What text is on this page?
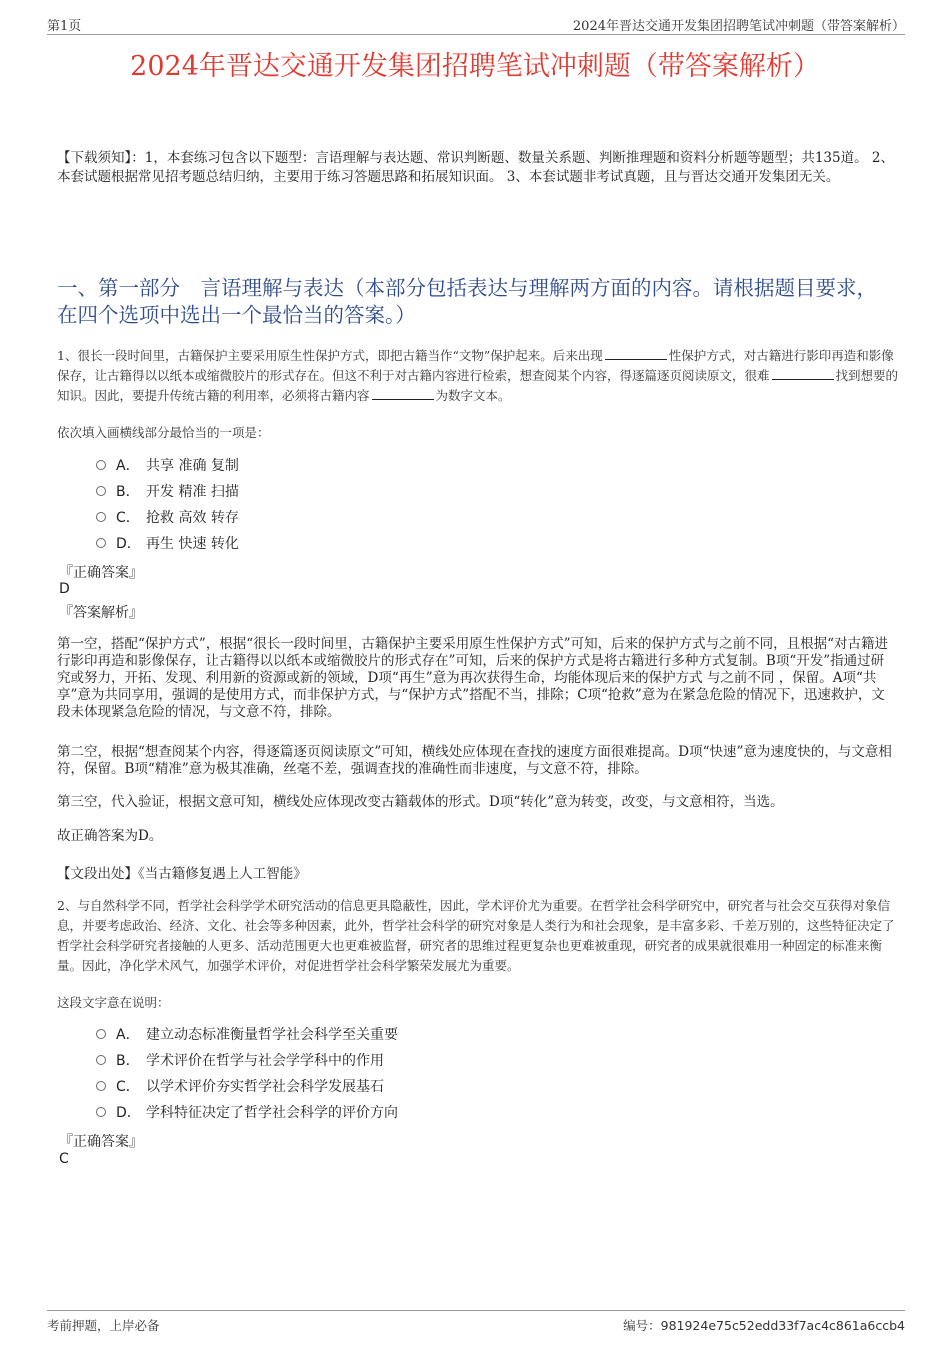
第1页	2024年晋达交通开发集团招聘笔试冲刺题（带答案解析）
2024年晋达交通开发集团招聘笔试冲刺题（带答案解析）
【下载须知】：1，本套练习包含以下题型：言语理解与表达题、常识判断题、数量关系题、判断推理题和资料分析题等题型；共135道。 2、本套试题根据常见招考题总结归纳，主要用于练习答题思路和拓展知识面。 3、本套试题非考试真题，且与晋达交通开发集团无关。
一、第一部分　言语理解与表达（本部分包括表达与理解两方面的内容。请根据题目要求，在四个选项中选出一个最恰当的答案。）
1、很长一段时间里，古籍保护主要采用原生性保护方式，即把古籍当作“文物”保护起来。后来出现	性保护方式，对古籍进行影印再造和影像保存，让古籍得以以纸本或缩微胶片的形式存在。但这不利于对古籍内容进行检索，想查阅某个内容，得逐篇逐页阅读原文，很难	找到想要的知识。因此，要提升传统古籍的利用率，必须将古籍内容	为数字文本。
依次填入画横线部分最恰当的一项是：
A． 共享 准确 复制
B． 开发 精准 扫描
C． 抢救 高效 转存
D． 再生 快速 转化
『正确答案』
D
『答案解析』
第一空，搭配“保护方式”，根据“很长一段时间里，古籍保护主要采用原生性保护方式”可知，后来的保护方式与之前不同，且根据“对古籍进行影印再造和影像保存，让古籍得以以纸本或缩微胶片的形式存在”可知，后来的保护方式是将古籍进行多种方式复制。B项“开发”指通过研究或努力，开拓、发现、利用新的资源或新的领域，D项“再生”意为再次获得生命，均能体现后来的保护方式 与之前不同 ，保留。A项“共享”意为共同享用，强调的是使用方式，而非保护方式，与“保护方式”搭配不当，排除；C项“抢救”意为在紧急危险的情况下，迅速救护，文段未体现紧急危险的情况，与文意不符，排除。
第二空，根据“想查阅某个内容，得逐篇逐页阅读原文”可知，横线处应体现在查找的速度方面很难提高。D项“快速”意为速度快的，与文意相符，保留。B项“精准”意为极其准确，丝毫不差，强调查找的准确性而非速度，与文意不符，排除。
第三空，代入验证，根据文意可知，横线处应体现改变古籍载体的形式。D项“转化”意为转变，改变，与文意相符，当选。
故正确答案为D。
【文段出处】《当古籍修复遇上人工智能》
2、与自然科学不同，哲学社会科学学术研究活动的信息更具隐蔽性，因此，学术评价尤为重要。在哲学社会科学研究中，研究者与社会交互获得对象信息，并要考虑政治、经济、文化、社会等多种因素，此外，哲学社会科学的研究对象是人类行为和社会现象，是丰富多彩、千差万别的，这些特征决定了哲学社会科学研究者接触的人更多、活动范围更大也更难被监督，研究者的思维过程更复杂也更难被重现，研究者的成果就很难用一种固定的标准来衡量。因此，净化学术风气，加强学术评价，对促进哲学社会科学繁荣发展尤为重要。
这段文字意在说明：
A． 建立动态标准衡量哲学社会科学至关重要
B． 学术评价在哲学与社会学学科中的作用
C． 以学术评价夯实哲学社会科学发展基石
D． 学科特征决定了哲学社会科学的评价方向
『正确答案』
C
考前押题，上岸必备	编号：981924e75c52edd33f7ac4c861a6ccb4
